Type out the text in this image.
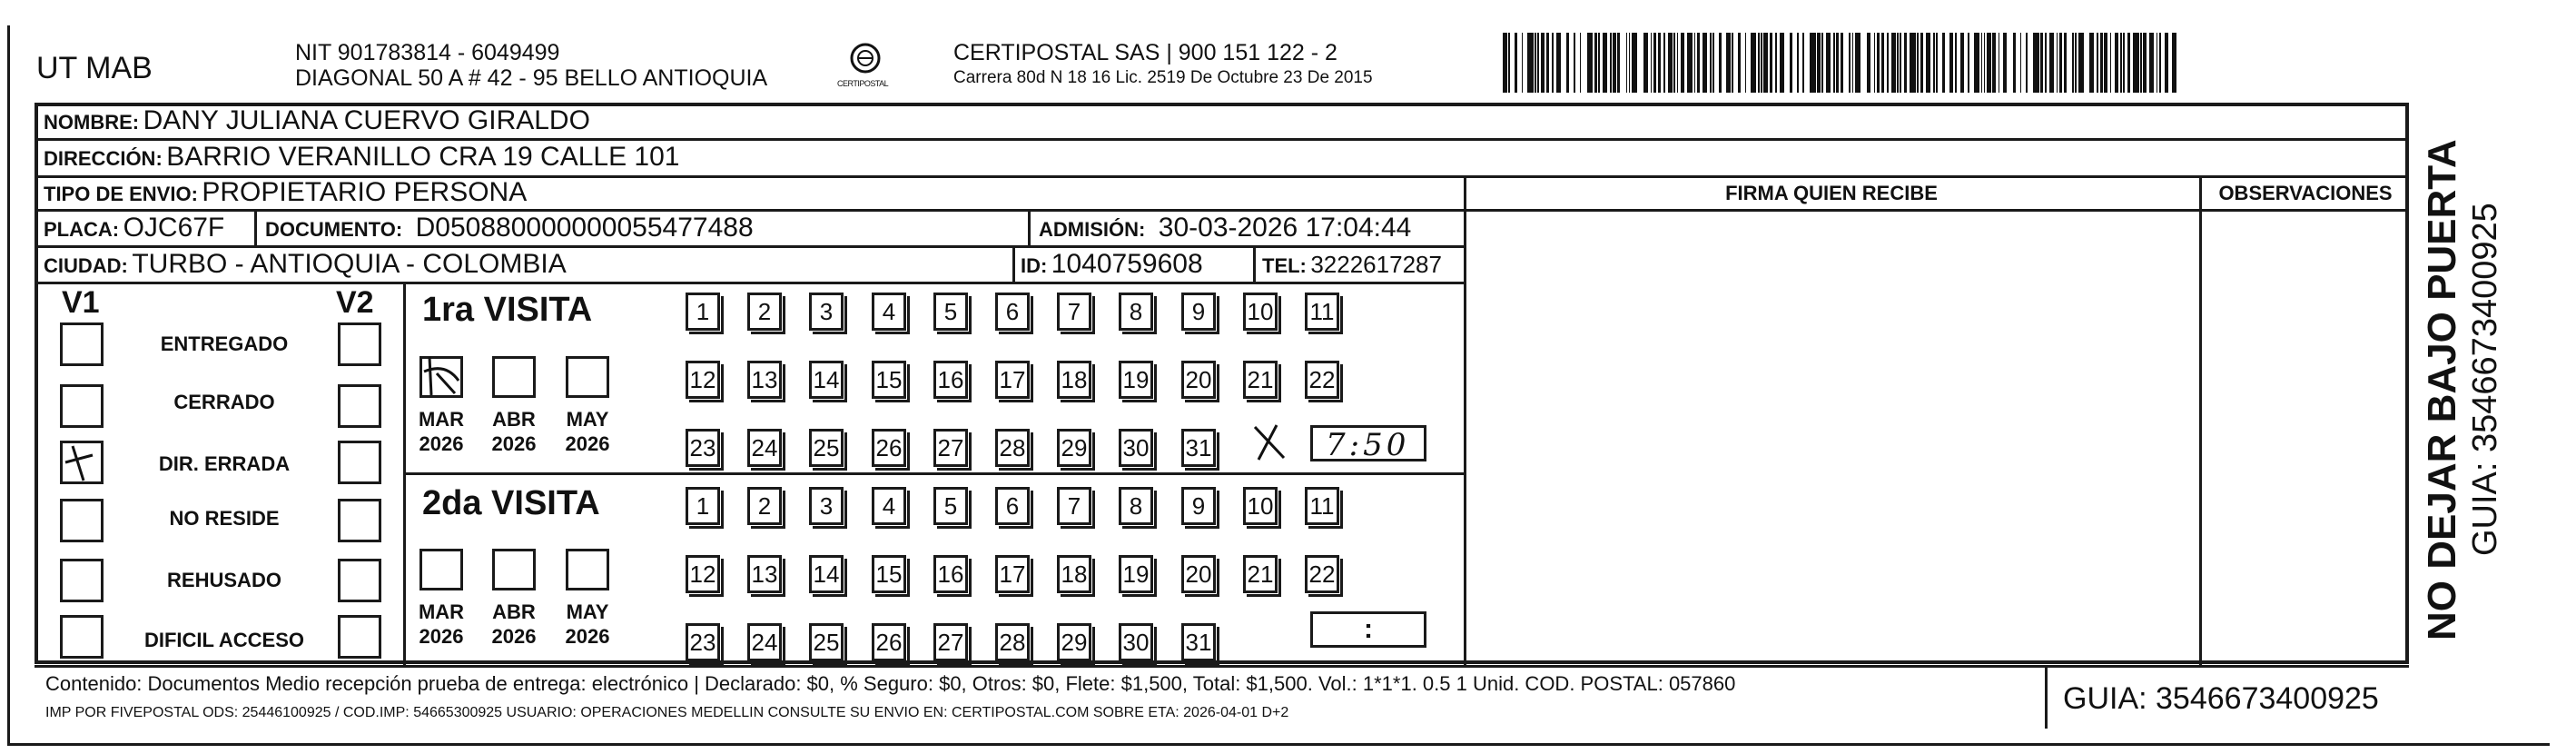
UT MAB	NIT 901783814 - 6049499
DIAGONAL 50 A # 42 - 95 BELLO ANTIOQUIA	CERTIPOSTAL
CERTIPOSTAL SAS | 900 151 122 - 2
Carrera 80d N 18 16 Lic. 2519 De Octubre 23 De 2015
NOMBRE: DANY JULIANA CUERVO GIRALDO
DIRECCIÓN: BARRIO VERANILLO CRA 19 CALLE 101
TIPO DE ENVIO: PROPIETARIO PERSONA	FIRMA QUIEN RECIBE	OBSERVACIONES
PLACA: OJC67F DOCUMENTO: D050880000000055477488	ADMISIÓN: 30-03-2026 17:04:44
CIUDAD: TURBO - ANTIOQUIA - COLOMBIA	ID: 1040759608	TEL: 3222617287
V1	V2
ENTREGADO
CERRADO
DIR. ERRADA
NO RESIDE
REHUSADO
DIFICIL ACCESO
1ra VISITA
MAR
2026
ABR
2026
MAY
2026
1	2	3	4	5	6	7	8	9	10 11
12 13 14 15 16 17 18 19 20 21 22
23 24 25 26 27 28 29 30 31	7:50
2da VISITA
MAR
2026
ABR
2026
MAY
2026
1	2	3	4	5	6	7	8	9	10 11
12 13 14 15 16 17 18 19 20 21 22
23 24 25 26 27 28 29 30 31	:
Contenido: Documentos Medio recepción prueba de entrega: electrónico | Declarado: $0, % Seguro: $0, Otros: $0, Flete: $1,500, Total: $1,500. Vol.: 1*1*1. 0.5 1 Unid. COD. POSTAL: 057860
IMP POR FIVEPOSTAL ODS: 25446100925 / COD.IMP: 54665300925 USUARIO: OPERACIONES MEDELLIN CONSULTE SU ENVIO EN: CERTIPOSTAL.COM SOBRE ETA: 2026-04-01 D+2	GUIA: 3546673400925
NO DEJAR BAJO PUERTA GUIA: 3546673400925
